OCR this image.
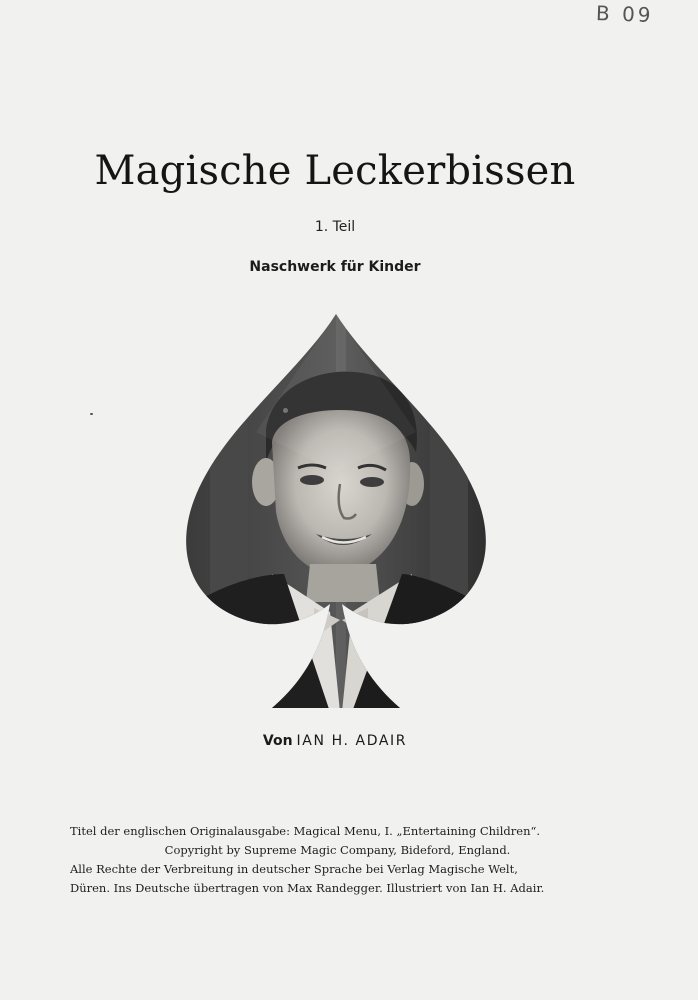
B 09
Magische Leckerbissen
1. Teil
Naschwerk für Kinder
Von IAN H. ADAIR
Titel der englischen Originalausgabe: Magical Menu, I. „Entertaining Children“.
Copyright by Supreme Magic Company, Bideford, England.
Alle Rechte der Verbreitung in deutscher Sprache bei Verlag Magische Welt,
Düren. Ins Deutsche übertragen von Max Randegger. Illustriert von Ian H. Adair.
